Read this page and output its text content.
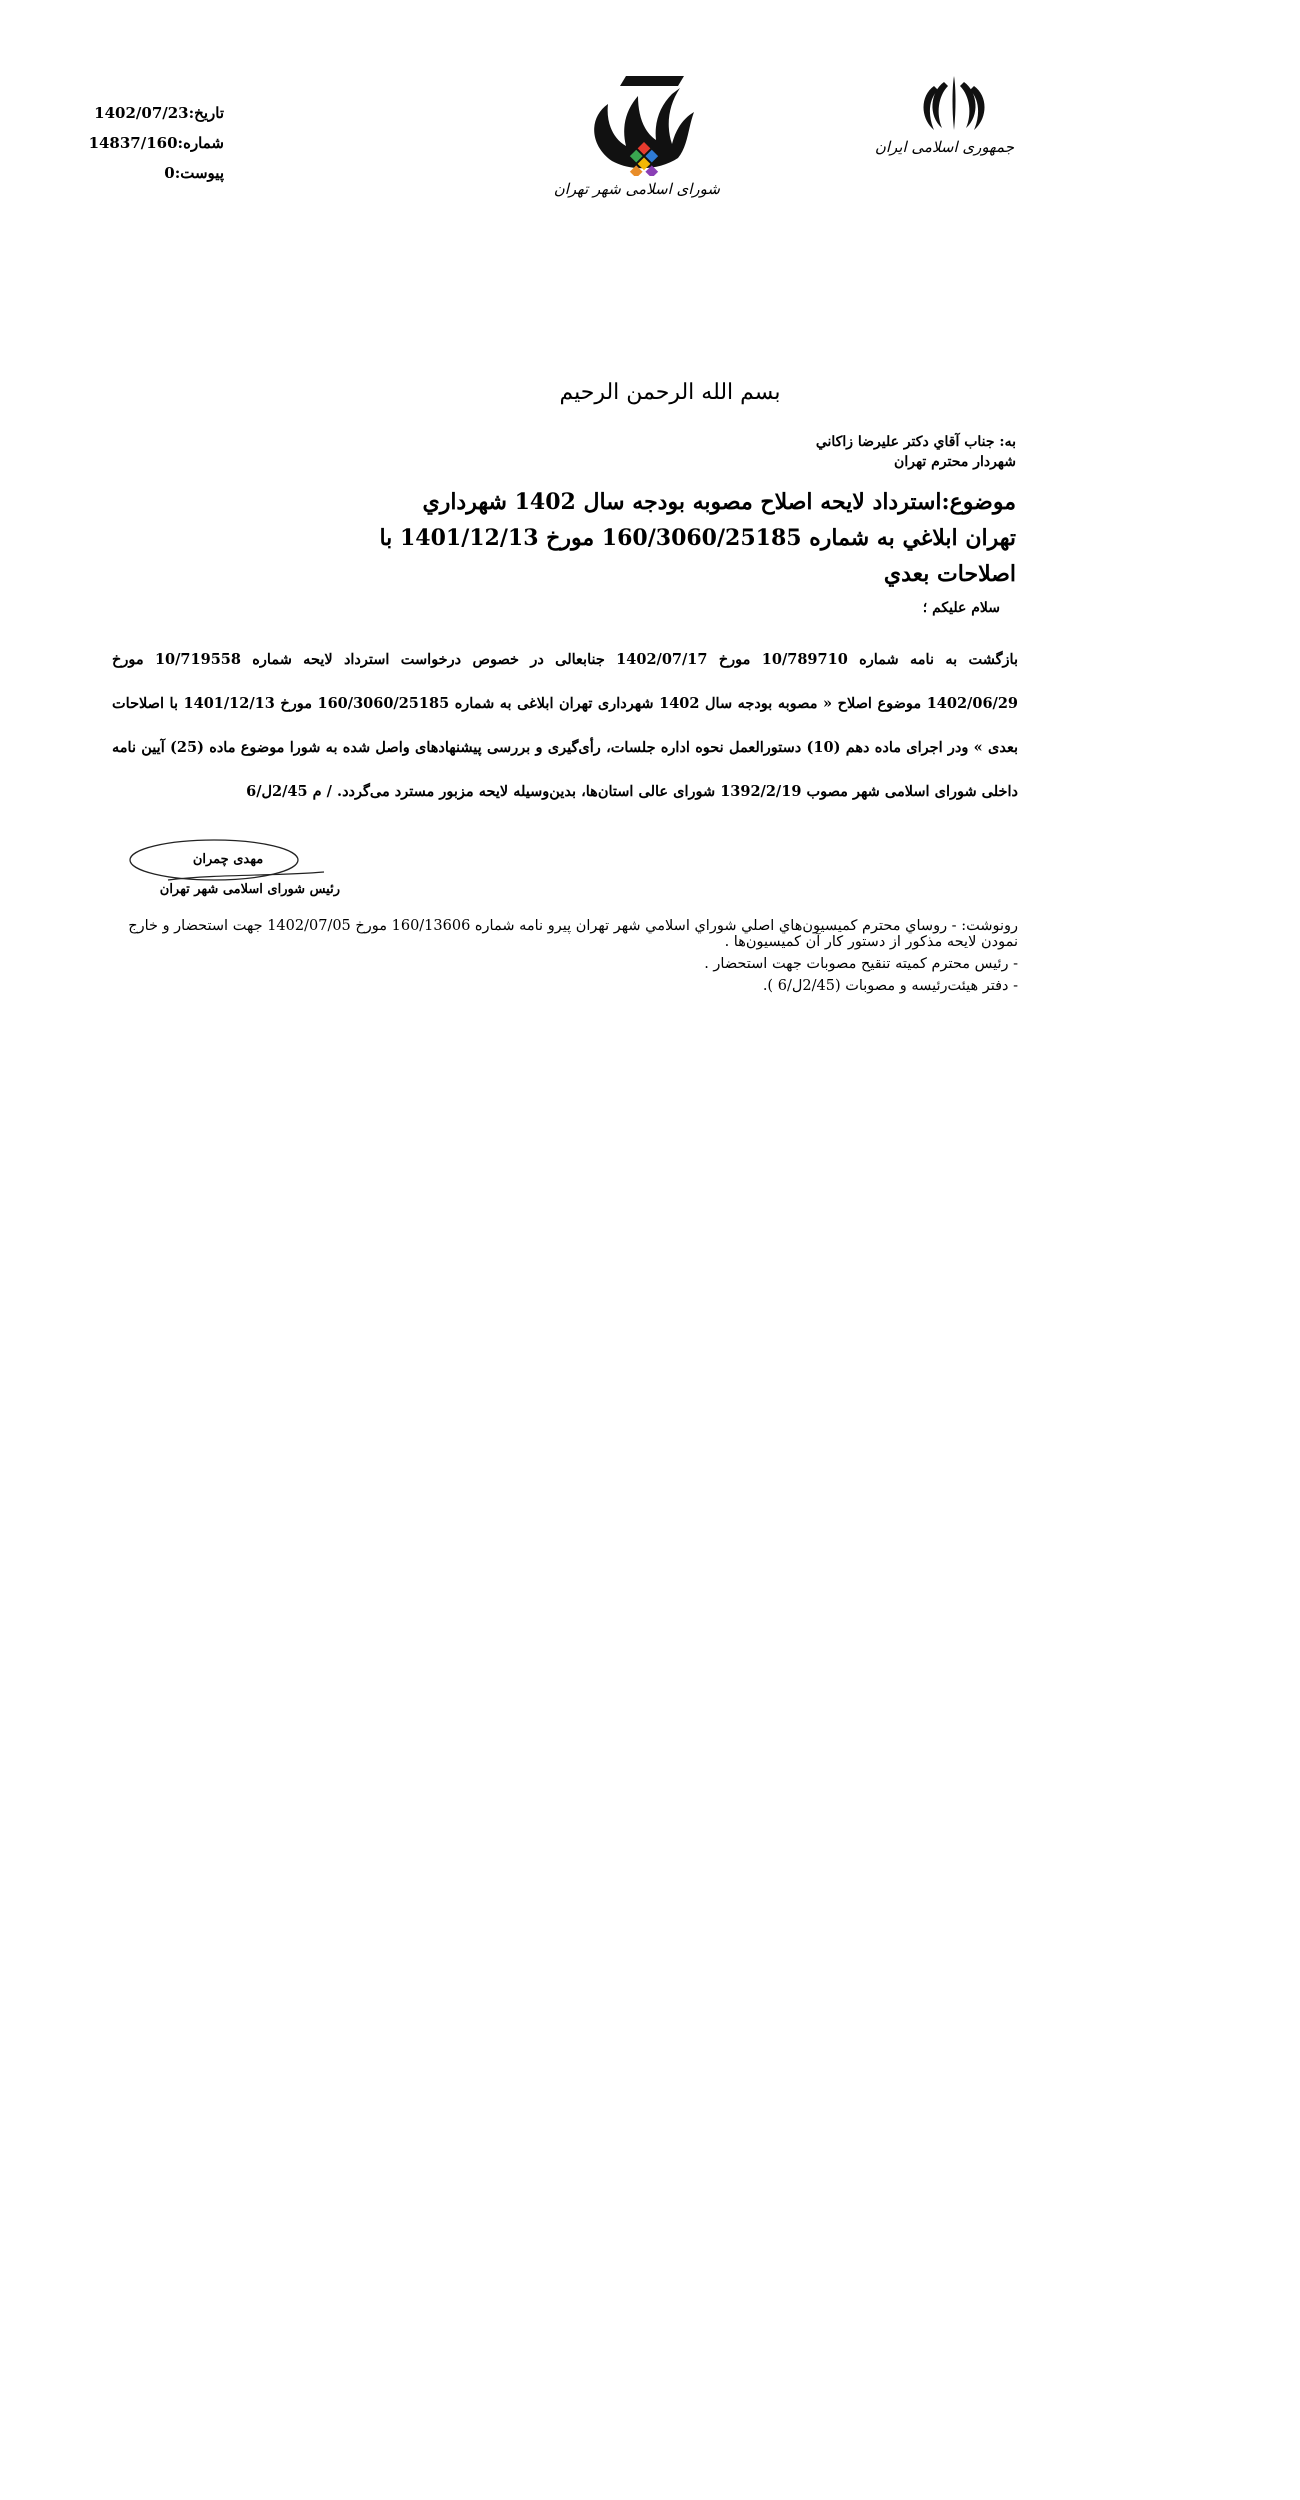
تاریخ:1402/07/23
شماره:14837/160
پیوست:0
شورای اسلامی شهر تهران
جمهوری اسلامی ایران
بسم الله الرحمن الرحيم
به: جناب آقاي دكتر عليرضا زاكاني
شهردار محترم تهران
موضوع:استرداد لايحه اصلاح مصوبه بودجه سال 1402 شهرداري
تهران ابلاغي به شماره 160/3060/25185 مورخ 1401/12/13 با
اصلاحات بعدي
سلام عليكم ؛
بازگشت به نامه شماره 10/789710 مورخ 1402/07/17 جنابعالی در خصوص درخواست استرداد لایحه شماره 10/719558 مورخ 1402/06/29 موضوع اصلاح « مصوبه بودجه سال 1402 شهرداری تهران ابلاغی به شماره 160/3060/25185 مورخ 1401/12/13 با اصلاحات بعدی » ودر اجرای ماده دهم (10) دستورالعمل نحوه اداره جلسات، رأی‌گیری و بررسی پیشنهادهای واصل شده به شورا موضوع ماده (25) آیین نامه داخلی شورای اسلامی شهر مصوب 1392/2/19 شورای عالی استان‌ها، بدین‌وسیله لایحه مزبور مسترد می‌گردد. / م 2/45ل/6
مهدی چمران
رئیس شورای اسلامی شهر تهران

رونوشت: - روساي محترم كميسيون‌هاي اصلي شوراي اسلامي شهر تهران پيرو نامه شماره 160/13606 مورخ 1402/07/05 جهت استحضار و خارج

نمودن لايحه مذكور از دستور كار آن كميسيون‌ها .

- رئيس محترم كميته تنقيح مصوبات جهت استحضار .

- دفتر هيئت‌رئيسه و مصوبات (2/45ل/6 ).
